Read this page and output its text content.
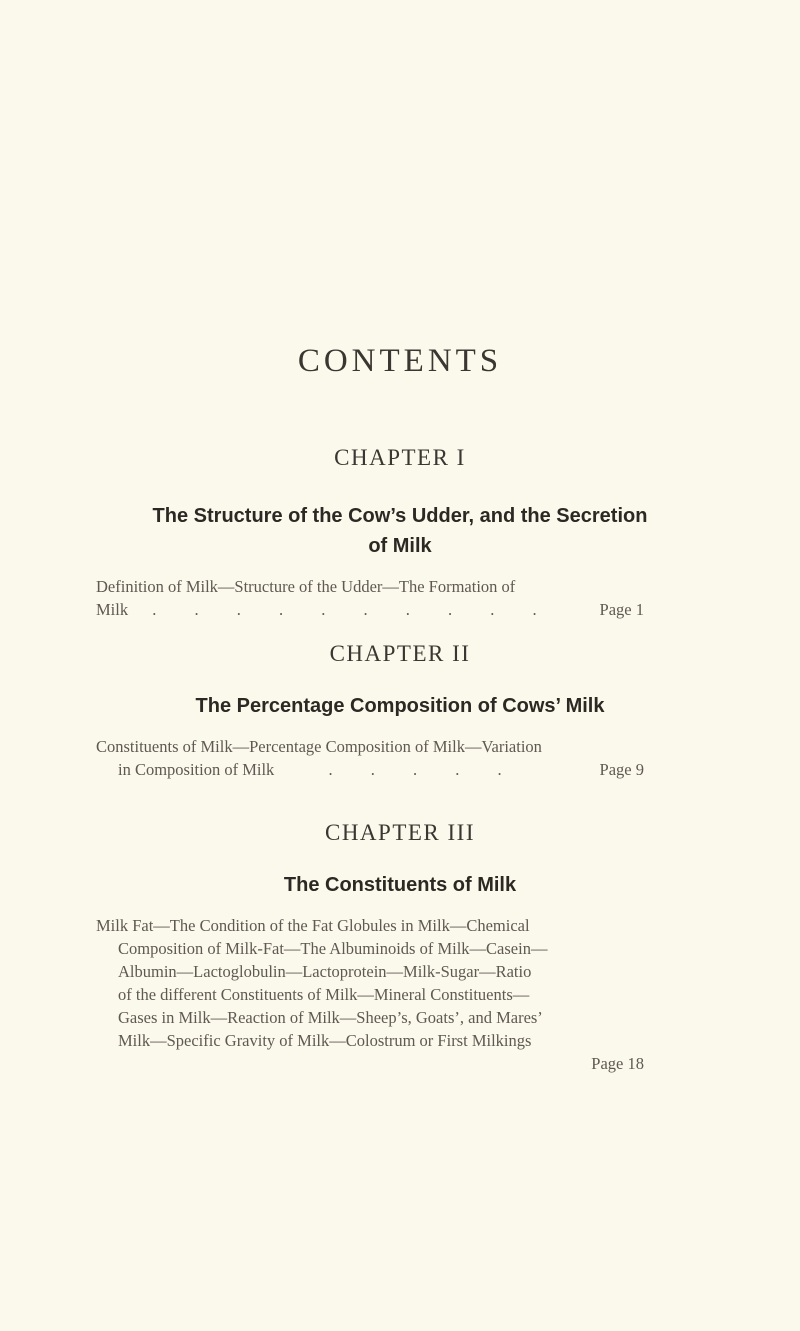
CONTENTS
CHAPTER I
The Structure of the Cow’s Udder, and the Secretion
of Milk
Definition of Milk—Structure of the Udder—The Formation of
Milk . . . . . . . . . .	Page 1
CHAPTER II
The Percentage Composition of Cows’ Milk
Constituents of Milk—Percentage Composition of Milk—Variation
in Composition of Milk	. . . . .	Page 9
CHAPTER III
The Constituents of Milk
Milk Fat—The Condition of the Fat Globules in Milk—Chemical
Composition of Milk-Fat—The Albuminoids of Milk—Casein—
Albumin—Lactoglobulin—Lactoprotein—Milk-Sugar—Ratio
of the different Constituents of Milk—Mineral Constituents—
Gases in Milk—Reaction of Milk—Sheep’s, Goats’, and Mares’
Milk—Specific Gravity of Milk—Colostrum or First Milkings
Page 18
